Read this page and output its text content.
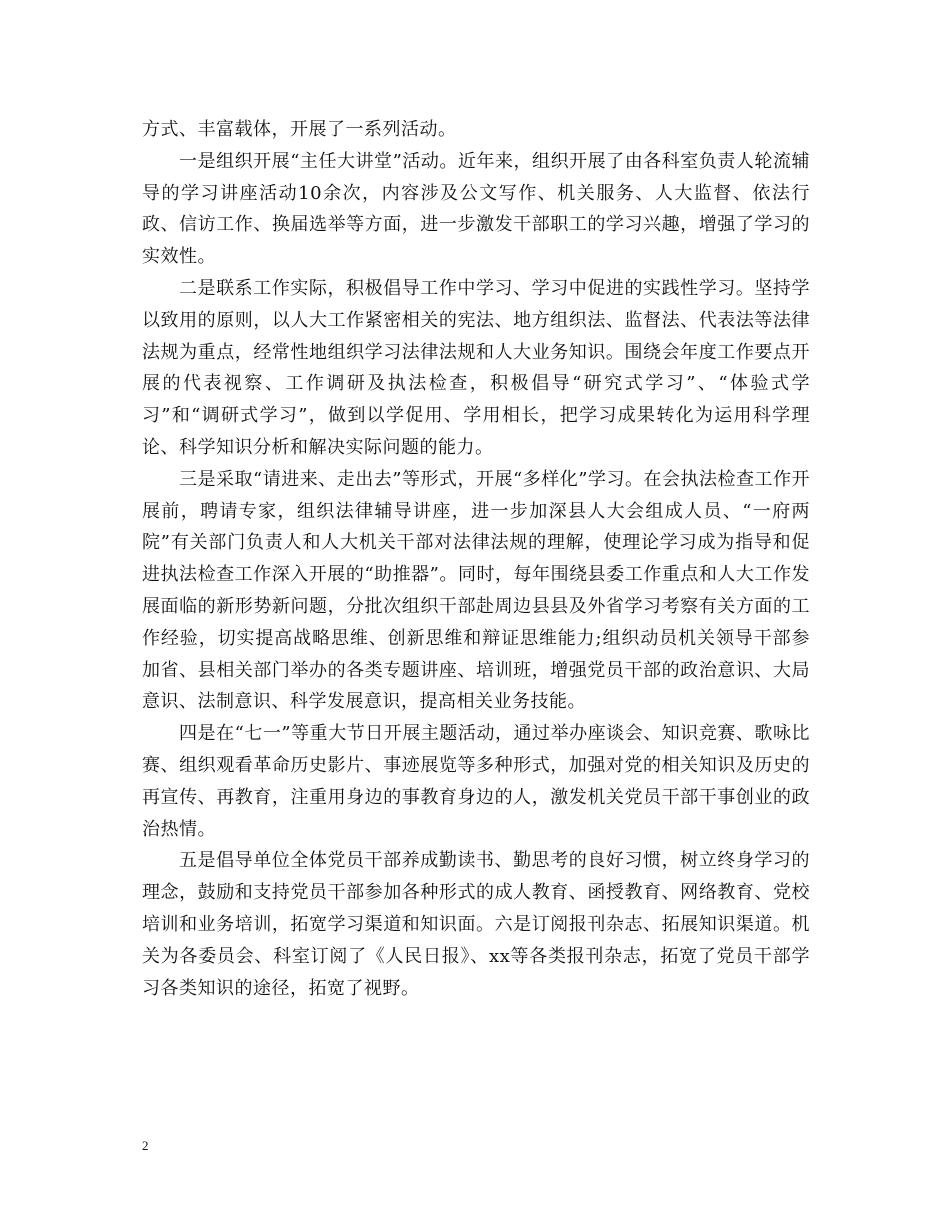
方式、丰富载体，开展了一系列活动。

一是组织开展“主任大讲堂”活动。近年来，组织开展了由各科室负责人轮流辅导的学习讲座活动10余次，内容涉及公文写作、机关服务、人大监督、依法行政、信访工作、换届选举等方面，进一步激发干部职工的学习兴趣，增强了学习的实效性。

二是联系工作实际，积极倡导工作中学习、学习中促进的实践性学习。坚持学以致用的原则，以人大工作紧密相关的宪法、地方组织法、监督法、代表法等法律法规为重点，经常性地组织学习法律法规和人大业务知识。围绕会年度工作要点开展的代表视察、工作调研及执法检查，积极倡导“研究式学习”、“体验式学习”和“调研式学习”，做到以学促用、学用相长，把学习成果转化为运用科学理论、科学知识分析和解决实际问题的能力。

三是采取“请进来、走出去”等形式，开展“多样化”学习。在会执法检查工作开展前，聘请专家，组织法律辅导讲座，进一步加深县人大会组成人员、“一府两院”有关部门负责人和人大机关干部对法律法规的理解，使理论学习成为指导和促进执法检查工作深入开展的“助推器”。同时，每年围绕县委工作重点和人大工作发展面临的新形势新问题，分批次组织干部赴周边县县及外省学习考察有关方面的工作经验，切实提高战略思维、创新思维和辩证思维能力;组织动员机关领导干部参加省、县相关部门举办的各类专题讲座、培训班，增强党员干部的政治意识、大局意识、法制意识、科学发展意识，提高相关业务技能。

四是在“七一”等重大节日开展主题活动，通过举办座谈会、知识竞赛、歌咏比赛、组织观看革命历史影片、事迹展览等多种形式，加强对党的相关知识及历史的再宣传、再教育，注重用身边的事教育身边的人，激发机关党员干部干事创业的政治热情。

五是倡导单位全体党员干部养成勤读书、勤思考的良好习惯，树立终身学习的理念，鼓励和支持党员干部参加各种形式的成人教育、函授教育、网络教育、党校培训和业务培训，拓宽学习渠道和知识面。六是订阅报刊杂志、拓展知识渠道。机关为各委员会、科室订阅了《人民日报》、xx等各类报刊杂志，拓宽了党员干部学习各类知识的途径，拓宽了视野。

2
